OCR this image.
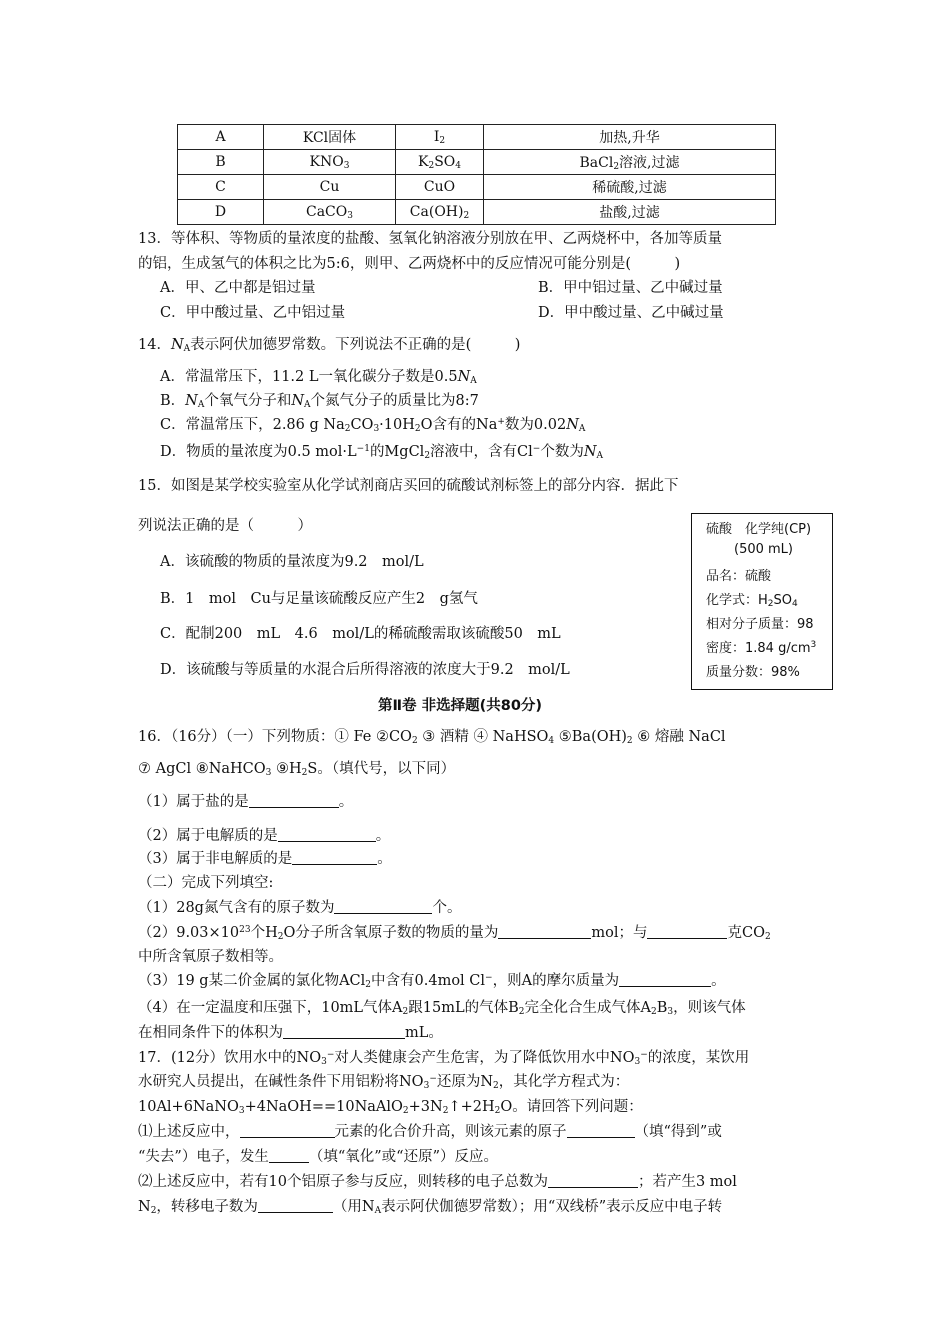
A	KCl固体	$I_2$	加热,升华
B	$KNO_3$	$K_2SO_4$	BaCl$_2$溶液,过滤
C	Cu	CuO	稀硫酸,过滤
D	CaCO$_3$	$Ca(OH)_2$	盐酸,过滤
13．等体积、等物质的量浓度的盐酸、氢氧化钠溶液分别放在甲、乙两烧杯中，各加等质量
的铝，生成氢气的体积之比为5:6，则甲、乙两烧杯中的反应情况可能分别是(　　　)
A．甲、乙中都是铝过量	B．甲中铝过量、乙中碱过量
C．甲中酸过量、乙中铝过量	D．甲中酸过量、乙中碱过量
14．$N_A$表示阿伏加德罗常数。下列说法不正确的是(　　　)
A．常温常压下，11.2 L一氧化碳分子数是$0.5N_A$
B．$N_A$个氧气分子和$N_A$个氮气分子的质量比为8:7
C．常温常压下，2.86 g $Na_2CO_3\cdot 10H_2O$含有的Na+数为$0.02N_A$
D．物质的量浓度为0.5 $mol\cdot L^{-1}$的MgCl$_2$溶液中，含有Cl−个数为$N_A$
15．如图是某学校实验室从化学试剂商店买回的硫酸试剂标签上的部分内容．据此下
列说法正确的是（　　　）
A．该硫酸的物质的量浓度为9.2　mol/L
B．1　mol　Cu与足量该硫酸反应产生2　g氢气
C．配制200　mL　4.6　mol/L的稀硫酸需取该硫酸50　mL
D．该硫酸与等质量的水混合后所得溶液的浓度大于9.2　mol/L
硫酸　化学纯(CP)
(500 mL)
品名：硫酸
化学式：$H_2SO_4$
相对分子质量：98
密度：1.84 $g/cm^3$
质量分数：98%
第Ⅱ卷 非选择题(共80分)
16．（16分）（一）下列物质：① Fe $②CO_2$ ③ 酒精 ④ NaHSO$_4$ $⑤Ba(OH)_2$ ⑥ 熔融 NaCl
⑦ AgCl ⑧NaHCO$_3$ $⑨H_2S$。（填代号，以下同）
（1）属于盐的是	。
（2）属于电解质的是	。
（3）属于非电解质的是	。
（二）完成下列填空:
（1）28g氮气含有的原子数为	个。
$(2)9.03\times 10^{23}$个$H_2O$分子所含氧原子数的物质的量为	mol；与	克$CO_2$
中所含氧原子数相等。
（3）19 g某二价金属的氯化物ACl$_2$中含有0.4mol Cl−，则A的摩尔质量为	。
（4）在一定温度和压强下，10mL气体$A_2$跟15mL的气体$B_2$完全化合生成气体$A_2B_3$，则该气体
在相同条件下的体积为	mL。
17．(12分）饮用水中的$NO_3^-$对人类健康会产生危害，为了降低饮用水中$NO_3^-$的浓度，某饮用
水研究人员提出，在碱性条件下用铝粉将$NO_3^-$还原为$N_2$，其化学方程式为：
$10Al+6NaNO_3+4NaOH==10NaAlO_2+3N_2↑+2H_2O$。请回答下列问题：
⑴上述反应中，	元素的化合价升高，则该元素的原子	（填“得到”或
“失去”）电子，发生	（填“氧化”或“还原”）反应。
⑵上述反应中，若有10个铝原子参与反应，则转移的电子总数为	；若产生3 mol
$N_2$，转移电子数为	（用$N_A$表示阿伏伽德罗常数）；用“双线桥”表示反应中电子转
